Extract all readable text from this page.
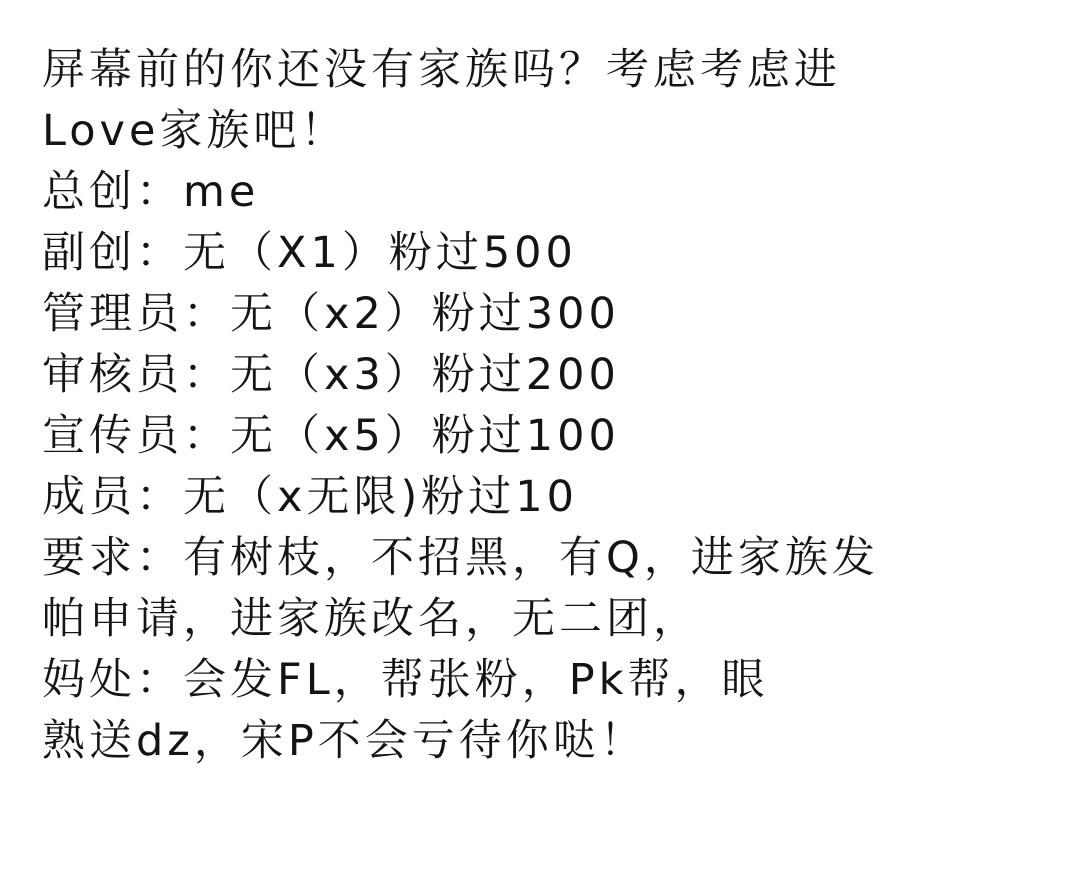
屏幕前的你还没有家族吗？考虑考虑进
Love家族吧！
总创：me
副创：无（X1）粉过500
管理员：无（x2）粉过300
审核员：无（x3）粉过200
宣传员：无（x5）粉过100
成员：无（x无限)粉过10
要求：有树枝，不招黑，有Q，进家族发
帕申请，进家族改名，无二团，
妈处：会发FL，帮张粉，Pk帮，眼
熟送dz，宋P不会亏待你哒！
